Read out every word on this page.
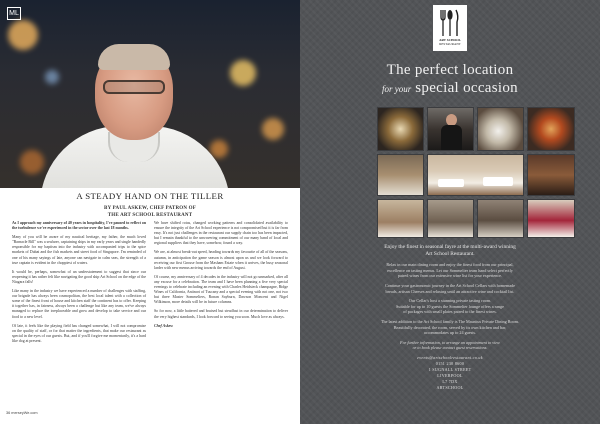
ML
A STEADY HAND ON THE TILLER
BY PAUL ASKEW, CHEF PATRON OF
THE ART SCHOOL RESTAURANT

As I approach my anniversary of 40 years in hospitality, I've paused to reflect on the turbulence we've experienced in the sector over the last 18 months.

Many of you will be aware of my nautical heritage, my father, the much loved "Barnacle Bill" was a seafarer, captaining ships in my early years and single handedly responsible for my baptism into the industry with accompanied trips to the spice markets of Dubai and the fish markets and street food of Singapore. I'm reminded of one of his many sayings of late, anyone can navigate in calm seas, the strength of a true captain is evident in the choppiest of waters.

It would be, perhaps, somewhat of an understatement to suggest that since our reopening it has rather felt like navigating the good ship Art School on the edge of the Niagara falls!

Like many in the industry we have experienced a number of challenges with staffing, our brigade has always been cosmopolitan, the best local talent with a collection of some of the finest front of house and kitchen staff the continent has to offer. Keeping it together has, in fairness, always been a challenge but like any team, we've always managed to replace the irreplaceable and grow and develop to take service and our food to a new level.

Of late, it feels like the playing field has changed somewhat, I will not compromise on the quality of staff, or for that matter the ingredients, that make our restaurant as special in the eyes of our guests. But, and if you'll forgive me momentarily, it's a hard like dog at present.

We have shifted rotas, changed working patterns and consolidated availability to ensure the integrity of the Art School experience is not compromised but it is far from easy. It's not just challenges in the restaurant our supply chain too has been impacted, but I remain thankful to the unwavering commitment of our many band of local and regional suppliers that they have, somehow, found a way.

We are, at almost break-out speed, heading towards my favourite of all of the seasons, autumn, in anticipation the game season is almost upon us and we look forward to receiving our first Grouse from the Masham Estate when it arrives, the busy seasonal larder with new menus arriving towards the end of August.

Of course, my anniversary of 4 decades in the industry will not go unmarked, after all any excuse for a celebration. The team and I have been planning a five very special evenings to celebrate including an evening with Charles Heidsieck champagne, Ridge Wines of California, Antinori of Tuscany and a special evening with not one, not two but three Master Sommeliers, Ronan Sayburn, Dawson Moncent and Nigel Wilkinson, more details will be in future columns.

So for now, a little battered and bruised but steadfast in our determination to deliver the very highest standards, I look forward to seeing you soon. Much love as always.

Chef Askew

36 merseyWe.com
ART SCHOOL
RESTAURANT
The perfect location
for your special occasion
Enjoy the finest in seasonal fayre at the multi-award winning
Art School Restaurant.

Relax in our main dining room and enjoy the finest food from our principal,
excellence on tasting menus. Let our Sommelier team hand select perfectly
paired wines from our extensive wine list for your experience.

Continue your gastronomic journey in the Art School Cellars with homemade
breads, artisan Cheeses and relaxing until an attractive wine and cocktail list.

Our Cellar's host a stunning private tasting room.
Suitable for up to 10 guests the Sommelier lounge offers a range
of packages with small plates paired to the finest wines.

The latest addition to the Art School family is The Mauritus Private Dining Room.
Beautifully decorated, the room, served by its own kitchen and bar,
accommodates up to 24 guests.

For further information, to arrange an appointment to view
or to book please contact guest reservations.

events@artschoolrestaurant.co.uk
0151 230 8600
1 SUGNALL STREET
LIVERPOOL
L7 7DX
ARTSCHOOL
